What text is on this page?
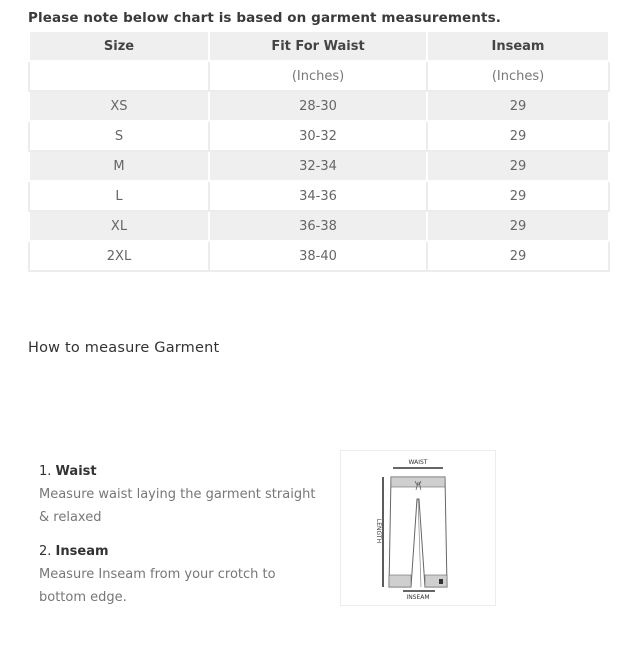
Please note below chart is based on garment measurements.
Size	Fit For Waist	Inseam
	(Inches)	(Inches)
XS	28-30	29
S	30-32	29
M	32-34	29
L	34-36	29
XL	36-38	29
2XL	38-40	29
How to measure Garment
1. Waist
Measure waist laying the garment straight & relaxed
2. Inseam
Measure Inseam from your crotch to bottom edge.
WAIST
LENGTH
INSEAM
